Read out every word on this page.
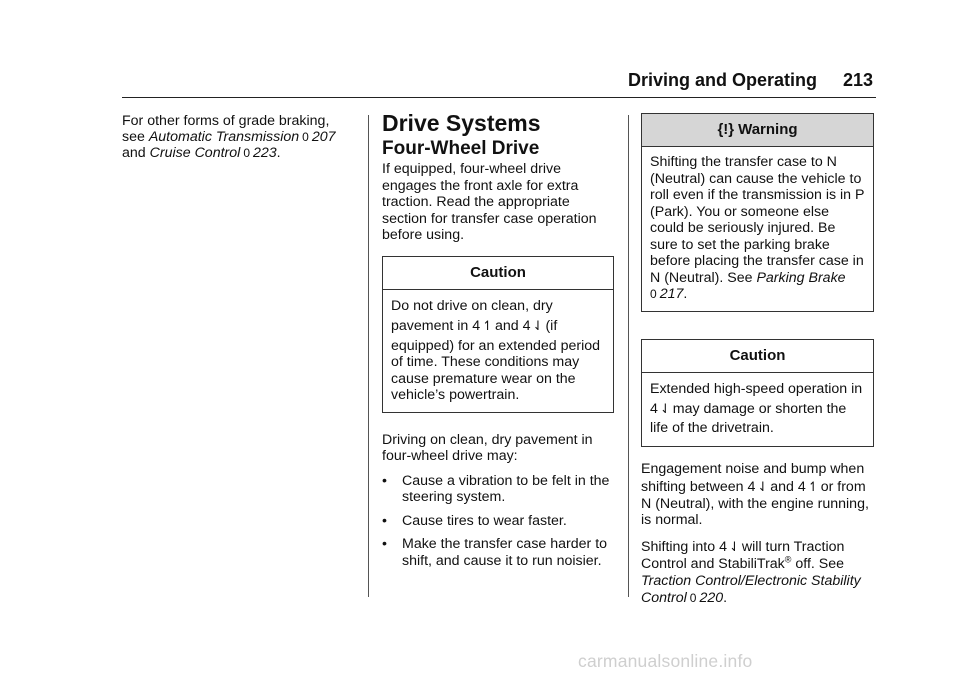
Driving and Operating 213

For other forms of grade braking,
see Automatic Transmission 0 207
and Cruise Control 0 223.

Drive Systems

Four-Wheel Drive

If equipped, four-wheel drive engages the front axle for extra traction. Read the appropriate section for transfer case operation before using.

Caution
Do not drive on clean, dry
pavement in 4 ↿ and 4 ⇃ (if

equipped) for an extended period of time. These conditions may cause premature wear on the vehicle’s powertrain.

Driving on clean, dry pavement in four-wheel drive may:

• Cause a vibration to be felt in the steering system.
• Cause tires to wear faster.
• Make the transfer case harder to shift, and cause it to run noisier.
{!} Warning
Shifting the transfer case to N (Neutral) can cause the vehicle to roll even if the transmission is in P (Park). You or someone else could be seriously injured. Be sure to set the parking brake before placing the transfer case in N (Neutral). See Parking Brake
0 217.
Caution
Extended high-speed operation in
4 ⇃ may damage or shorten the
life of the drivetrain.

Engagement noise and bump when
shifting between 4 ⇃ and 4 ↿ or from

N (Neutral), with the engine running, is normal.

Shifting into 4 ⇃ will turn Traction
Control and StabiliTrak® off. See
Traction Control/Electronic Stability Control 0 220.

carmanualsonline.info
